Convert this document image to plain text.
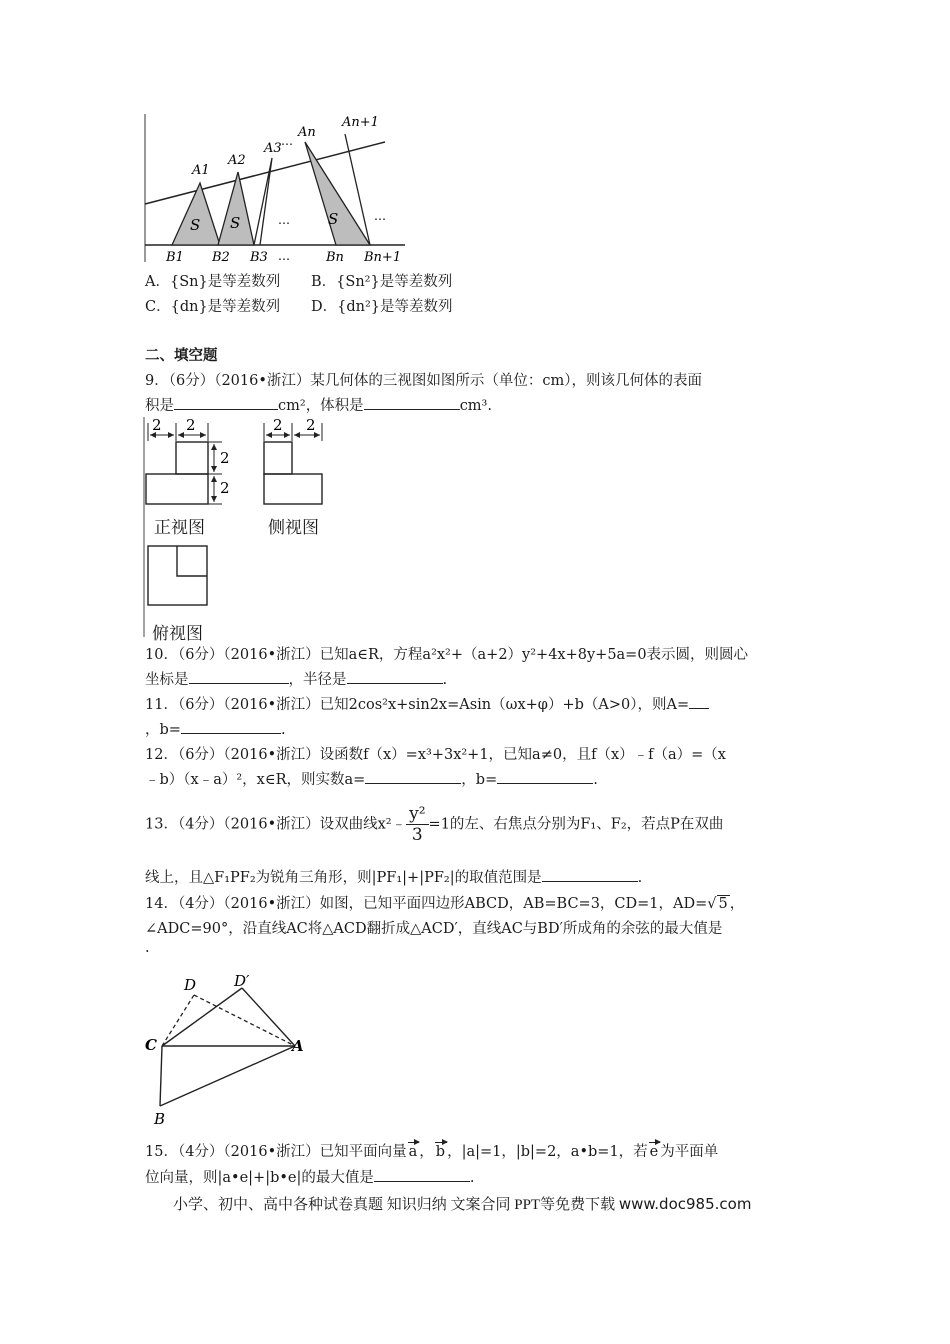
A1
A2
A3 …
An
An+1
B1 B2 B3 …	Bn Bn+1
S S	S
…	…
A．{Sn}是等差数列 B．{Sn²}是等差数列
C．{dn}是等差数列 D．{dn²}是等差数列
二、填空题
9．（6分）（2016•浙江）某几何体的三视图如图所示（单位：cm），则该几何体的表面
积是	cm²，体积是	cm³.
2 2
2
2
2 2
正视图	侧视图
俯视图
10．（6分）（2016•浙江）已知a∈R，方程a²x²+（a+2）y²+4x+8y+5a=0表示圆，则圆心
坐标是	，半径是	.
11．（6分）（2016•浙江）已知2cos²x+sin2x=Asin（ωx+φ）+b（A>0），则A=
，b=	.
12．（6分）（2016•浙江）设函数f（x）=x³+3x²+1，已知a≠0，且f（x）﹣f（a）=（x
﹣b）（x﹣a）²，x∈R，则实数a=	，b=	.
13．（4分）（2016•浙江）设双曲线x²﹣ $\frac{\text{y²}}{3} =1$的左、右焦点分别为F₁、F₂，若点P在双曲
线上，且△F₁PF₂为锐角三角形，则|PF₁|+|PF₂|的取值范围是	.
14．（4分）（2016•浙江）如图，已知平面四边形ABCD，AB=BC=3，CD=1，AD=√ 5 ，
∠ADC=90°，沿直线AC将△ACD翻折成△ACD′，直线AC与BD′所成角的余弦的最大值是
.
D	D′
C	A
B
15．（4分）（2016•浙江）已知平面向量 a ， b ，|a|=1，|b|=2，a•b=1，若 e 为平面单
位向量，则|a•e|+|b•e|的最大值是	.
小学、初中、高中各种试卷真题 知识归纳 文案合同 PPT等免费下载 www.doc985.com
